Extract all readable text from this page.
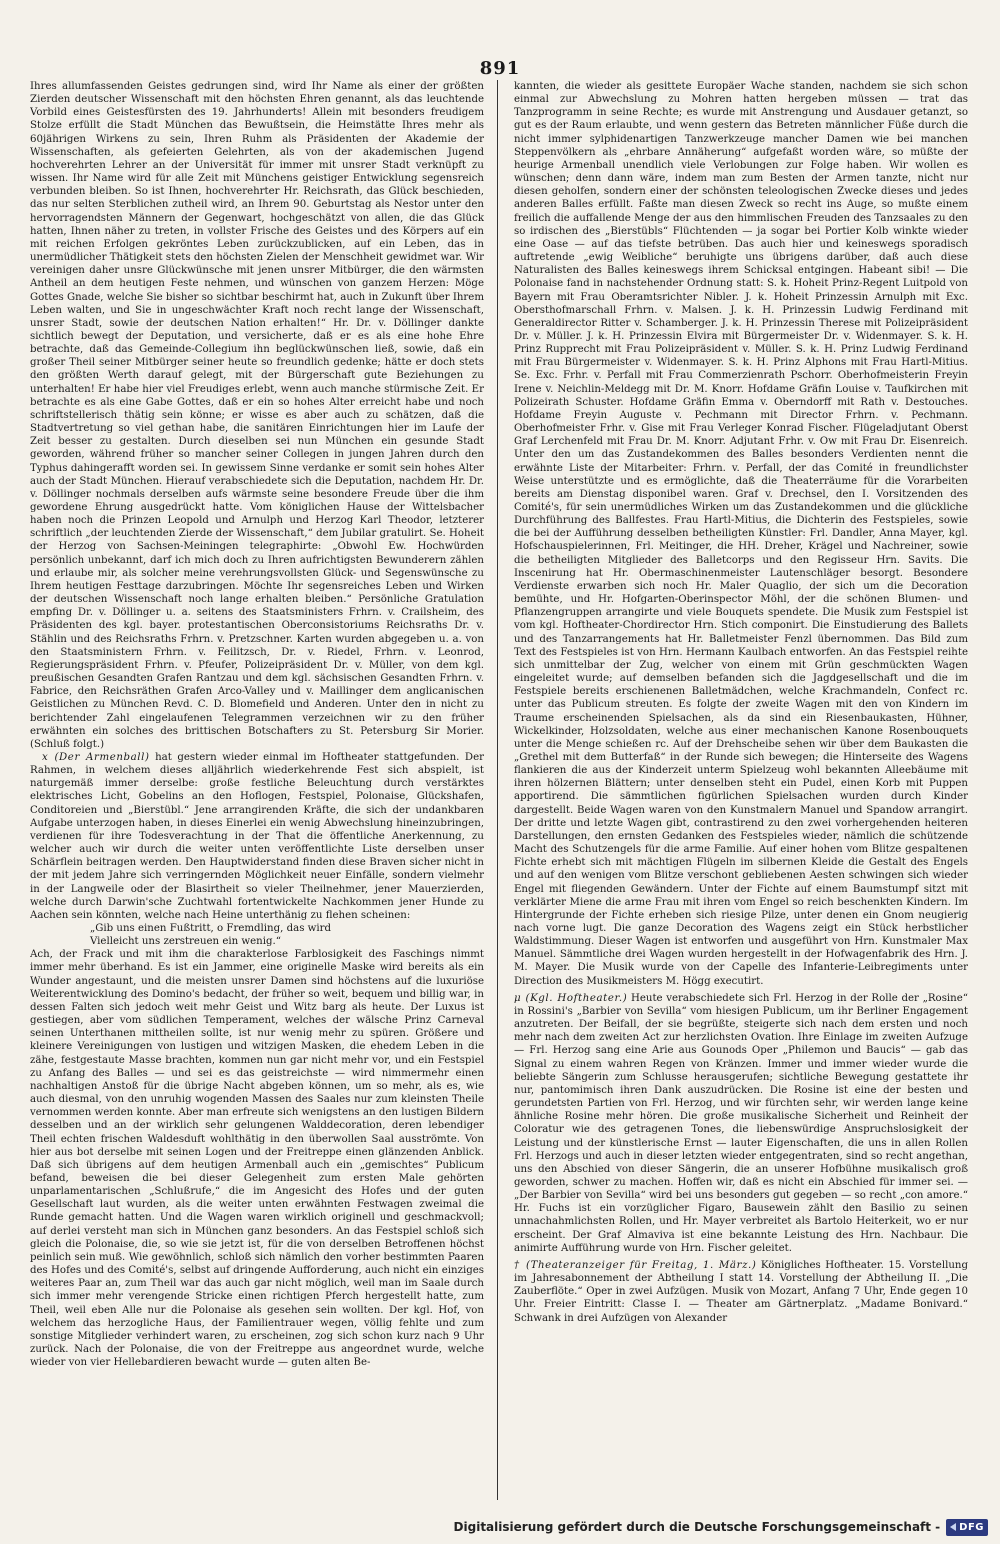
891

Ihres allumfassenden Geistes gedrungen sind, wird Ihr Name als einer der größten Zierden deutscher Wissenschaft mit den höchsten Ehren genannt, als das leuchtende Vorbild eines Geistesfürsten des 19. Jahrhunderts! Allein mit besonders freudigem Stolze erfüllt die Stadt München das Bewußtsein, die Heimstätte Ihres mehr als 60jährigen Wirkens zu sein, Ihren Ruhm als Präsidenten der Akademie der Wissenschaften, als gefeierten Gelehrten, als von der akademischen Jugend hochverehrten Lehrer an der Universität für immer mit unsrer Stadt verknüpft zu wissen. Ihr Name wird für alle Zeit mit Münchens geistiger Entwicklung segensreich verbunden bleiben. So ist Ihnen, hochverehrter Hr. Reichsrath, das Glück beschieden, das nur selten Sterblichen zutheil wird, an Ihrem 90. Geburtstag als Nestor unter den hervorragendsten Männern der Gegenwart, hochgeschätzt von allen, die das Glück hatten, Ihnen näher zu treten, in vollster Frische des Geistes und des Körpers auf ein mit reichen Erfolgen gekröntes Leben zurückzublicken, auf ein Leben, das in unermüdlicher Thätigkeit stets den höchsten Zielen der Menschheit gewidmet war. Wir vereinigen daher unsre Glückwünsche mit jenen unsrer Mitbürger, die den wärmsten Antheil an dem heutigen Feste nehmen, und wünschen von ganzem Herzen: Möge Gottes Gnade, welche Sie bisher so sichtbar beschirmt hat, auch in Zukunft über Ihrem Leben walten, und Sie in ungeschwächter Kraft noch recht lange der Wissenschaft, unsrer Stadt, sowie der deutschen Nation erhalten!“ Hr. Dr. v. Döllinger dankte sichtlich bewegt der Deputation, und versicherte, daß er es als eine hohe Ehre betrachte, daß das Gemeinde-Collegium ihn beglückwünschen ließ, sowie, daß ein großer Theil seiner Mitbürger seiner heute so freundlich gedenke; hätte er doch stets den größten Werth darauf gelegt, mit der Bürgerschaft gute Beziehungen zu unterhalten! Er habe hier viel Freudiges erlebt, wenn auch manche stürmische Zeit. Er betrachte es als eine Gabe Gottes, daß er ein so hohes Alter erreicht habe und noch schriftstellerisch thätig sein könne; er wisse es aber auch zu schätzen, daß die Stadtvertretung so viel gethan habe, die sanitären Einrichtungen hier im Laufe der Zeit besser zu gestalten. Durch dieselben sei nun München ein gesunde Stadt geworden, während früher so mancher seiner Collegen in jungen Jahren durch den Typhus dahingerafft worden sei. In gewissem Sinne verdanke er somit sein hohes Alter auch der Stadt München. Hierauf verabschiedete sich die Deputation, nachdem Hr. Dr. v. Döllinger nochmals derselben aufs wärmste seine besondere Freude über die ihm gewordene Ehrung ausgedrückt hatte. Vom königlichen Hause der Wittelsbacher haben noch die Prinzen Leopold und Arnulph und Herzog Karl Theodor, letzterer schriftlich „der leuchtenden Zierde der Wissenschaft,“ dem Jubilar gratulirt. Se. Hoheit der Herzog von Sachsen-Meiningen telegraphirte: „Obwohl Ew. Hochwürden persönlich unbekannt, darf ich mich doch zu Ihren aufrichtigsten Bewunderern zählen und erlaube mir, als solcher meine verehrungsvollsten Glück- und Segenswünsche zu Ihrem heutigen Festtage darzubringen. Möchte Ihr segensreiches Leben und Wirken der deutschen Wissenschaft noch lange erhalten bleiben.“ Persönliche Gratulation empfing Dr. v. Döllinger u. a. seitens des Staatsministers Frhrn. v. Crailsheim, des Präsidenten des kgl. bayer. protestantischen Oberconsistoriums Reichsraths Dr. v. Stählin und des Reichsraths Frhrn. v. Pretzschner. Karten wurden abgegeben u. a. von den Staatsministern Frhrn. v. Feilitzsch, Dr. v. Riedel, Frhrn. v. Leonrod, Regierungspräsident Frhrn. v. Pfeufer, Polizeipräsident Dr. v. Müller, von dem kgl. preußischen Gesandten Grafen Rantzau und dem kgl. sächsischen Gesandten Frhrn. v. Fabrice, den Reichsräthen Grafen Arco-Valley und v. Maillinger dem anglicanischen Geistlichen zu München Revd. C. D. Blomefield und Anderen. Unter den in nicht zu berichtender Zahl eingelaufenen Telegrammen verzeichnen wir zu den früher erwähnten ein solches des brittischen Botschafters zu St. Petersburg Sir Morier. (Schluß folgt.)

x (Der Armenball) hat gestern wieder einmal im Hoftheater stattgefunden. Der Rahmen, in welchem dieses alljährlich wiederkehrende Fest sich abspielt, ist naturgemäß immer derselbe: große festliche Beleuchtung durch verstärktes elektrisches Licht, Gobelins an den Hoflogen, Festspiel, Polonaise, Glückshafen, Conditoreien und „Bierstübl.“ Jene arrangirenden Kräfte, die sich der undankbaren Aufgabe unterzogen haben, in dieses Einerlei ein wenig Abwechslung hineinzubringen, verdienen für ihre Todesverachtung in der That die öffentliche Anerkennung, zu welcher auch wir durch die weiter unten veröffentlichte Liste derselben unser Schärflein beitragen werden. Den Hauptwiderstand finden diese Braven sicher nicht in der mit jedem Jahre sich verringernden Möglichkeit neuer Einfälle, sondern vielmehr in der Langweile oder der Blasirtheit so vieler Theilnehmer, jener Mauerzierden, welche durch Darwin'sche Zuchtwahl fortentwickelte Nachkommen jener Hunde zu Aachen sein könnten, welche nach Heine unterthänig zu flehen scheinen:

„Gib uns einen Fußtritt, o Fremdling, das wird
Vielleicht uns zerstreuen ein wenig.“

Ach, der Frack und mit ihm die charakterlose Farblosigkeit des Faschings nimmt immer mehr überhand. Es ist ein Jammer, eine originelle Maske wird bereits als ein Wunder angestaunt, und die meisten unsrer Damen sind höchstens auf die luxuriöse Weiterentwicklung des Domino's bedacht, der früher so weit, bequem und billig war, in dessen Falten sich jedoch weit mehr Geist und Witz barg als heute. Der Luxus ist gestiegen, aber vom südlichen Temperament, welches der wälsche Prinz Carneval seinen Unterthanen mittheilen sollte, ist nur wenig mehr zu spüren. Größere und kleinere Vereinigungen von lustigen und witzigen Masken, die ehedem Leben in die zähe, festgestaute Masse brachten, kommen nun gar nicht mehr vor, und ein Festspiel zu Anfang des Balles — und sei es das geistreichste — wird nimmermehr einen nachhaltigen Anstoß für die übrige Nacht abgeben können, um so mehr, als es, wie auch diesmal, von den unruhig wogenden Massen des Saales nur zum kleinsten Theile vernommen werden konnte. Aber man erfreute sich wenigstens an den lustigen Bildern desselben und an der wirklich sehr gelungenen Walddecoration, deren lebendiger Theil echten frischen Waldesduft wohlthätig in den überwollen Saal ausströmte. Von hier aus bot derselbe mit seinen Logen und der Freitreppe einen glänzenden Anblick. Daß sich übrigens auf dem heutigen Armenball auch ein „gemischtes“ Publicum befand, beweisen die bei dieser Gelegenheit zum ersten Male gehörten unparlamentarischen „Schlußrufe,“ die im Angesicht des Hofes und der guten Gesellschaft laut wurden, als die weiter unten erwähnten Festwagen zweimal die Runde gemacht hatten. Und die Wagen waren wirklich originell und geschmackvoll; auf derlei versteht man sich in München ganz besonders. An das Festspiel schloß sich gleich die Polonaise, die, so wie sie jetzt ist, für die von derselben Betroffenen höchst peinlich sein muß. Wie gewöhnlich, schloß sich nämlich den vorher bestimmten Paaren des Hofes und des Comité's, selbst auf dringende Aufforderung, auch nicht ein einziges weiteres Paar an, zum Theil war das auch gar nicht möglich, weil man im Saale durch sich immer mehr verengende Stricke einen richtigen Pferch hergestellt hatte, zum Theil, weil eben Alle nur die Polonaise als gesehen sein wollten. Der kgl. Hof, von welchem das herzogliche Haus, der Familientrauer wegen, völlig fehlte und zum sonstige Mitglieder verhindert waren, zu erscheinen, zog sich schon kurz nach 9 Uhr zurück. Nach der Polonaise, die von der Freitreppe aus angeordnet wurde, welche wieder von vier Hellebardieren bewacht wurde — guten alten Be-

kannten, die wieder als gesittete Europäer Wache standen, nachdem sie sich schon einmal zur Abwechslung zu Mohren hatten hergeben müssen — trat das Tanzprogramm in seine Rechte; es wurde mit Anstrengung und Ausdauer getanzt, so gut es der Raum erlaubte, und wenn gestern das Betreten männlicher Füße durch die nicht immer sylphidenartigen Tanzwerkzeuge mancher Damen wie bei manchen Steppenvölkern als „ehrbare Annäherung“ aufgefaßt worden wäre, so müßte der heurige Armenball unendlich viele Verlobungen zur Folge haben. Wir wollen es wünschen; denn dann wäre, indem man zum Besten der Armen tanzte, nicht nur diesen geholfen, sondern einer der schönsten teleologischen Zwecke dieses und jedes anderen Balles erfüllt. Faßte man diesen Zweck so recht ins Auge, so mußte einem freilich die auffallende Menge der aus den himmlischen Freuden des Tanzsaales zu den so irdischen des „Bierstübls“ Flüchtenden — ja sogar bei Portier Kolb winkte wieder eine Oase — auf das tiefste betrüben. Das auch hier und keineswegs sporadisch auftretende „ewig Weibliche“ beruhigte uns übrigens darüber, daß auch diese Naturalisten des Balles keineswegs ihrem Schicksal entgingen. Habeant sibi! — Die Polonaise fand in nachstehender Ordnung statt: S. k. Hoheit Prinz-Regent Luitpold von Bayern mit Frau Oberamtsrichter Nibler. J. k. Hoheit Prinzessin Arnulph mit Exc. Obersthofmarschall Frhrn. v. Malsen. J. k. H. Prinzessin Ludwig Ferdinand mit Generaldirector Ritter v. Schamberger. J. k. H. Prinzessin Therese mit Polizeipräsident Dr. v. Müller. J. k. H. Prinzessin Elvira mit Bürgermeister Dr. v. Widenmayer. S. k. H. Prinz Rupprecht mit Frau Polizeipräsident v. Müller. S. k. H. Prinz Ludwig Ferdinand mit Frau Bürgermeister v. Widenmayer. S. k. H. Prinz Alphons mit Frau Hartl-Mitius. Se. Exc. Frhr. v. Perfall mit Frau Commerzienrath Pschorr. Oberhofmeisterin Freyin Irene v. Neichlin-Meldegg mit Dr. M. Knorr. Hofdame Gräfin Louise v. Taufkirchen mit Polizeirath Schuster. Hofdame Gräfin Emma v. Oberndorff mit Rath v. Destouches. Hofdame Freyin Auguste v. Pechmann mit Director Frhrn. v. Pechmann. Oberhofmeister Frhr. v. Gise mit Frau Verleger Konrad Fischer. Flügeladjutant Oberst Graf Lerchenfeld mit Frau Dr. M. Knorr. Adjutant Frhr. v. Ow mit Frau Dr. Eisenreich. Unter den um das Zustandekommen des Balles besonders Verdienten nennt die erwähnte Liste der Mitarbeiter: Frhrn. v. Perfall, der das Comité in freundlichster Weise unterstützte und es ermöglichte, daß die Theaterräume für die Vorarbeiten bereits am Dienstag disponibel waren. Graf v. Drechsel, den I. Vorsitzenden des Comité's, für sein unermüdliches Wirken um das Zustandekommen und die glückliche Durchführung des Ballfestes. Frau Hartl-Mitius, die Dichterin des Festspieles, sowie die bei der Aufführung desselben betheiligten Künstler: Frl. Dandler, Anna Mayer, kgl. Hofschauspielerinnen, Frl. Meitinger, die HH. Dreher, Krägel und Nachreiner, sowie die betheiligten Mitglieder des Balletcorps und den Regisseur Hrn. Savits. Die Inscenirung hat Hr. Obermaschinenmeister Lautenschläger besorgt. Besondere Verdienste erwarben sich noch Hr. Maler Quaglio, der sich um die Decoration bemühte, und Hr. Hofgarten-Oberinspector Möhl, der die schönen Blumen- und Pflanzengruppen arrangirte und viele Bouquets spendete. Die Musik zum Festspiel ist vom kgl. Hoftheater-Chordirector Hrn. Stich componirt. Die Einstudierung des Ballets und des Tanzarrangements hat Hr. Balletmeister Fenzl übernommen. Das Bild zum Text des Festspieles ist von Hrn. Hermann Kaulbach entworfen. An das Festspiel reihte sich unmittelbar der Zug, welcher von einem mit Grün geschmückten Wagen eingeleitet wurde; auf demselben befanden sich die Jagdgesellschaft und die im Festspiele bereits erschienenen Balletmädchen, welche Krachmandeln, Confect rc. unter das Publicum streuten. Es folgte der zweite Wagen mit den von Kindern im Traume erscheinenden Spielsachen, als da sind ein Riesenbaukasten, Hühner, Wickelkinder, Holzsoldaten, welche aus einer mechanischen Kanone Rosenbouquets unter die Menge schießen rc. Auf der Drehscheibe sehen wir über dem Baukasten die „Grethel mit dem Butterfaß“ in der Runde sich bewegen; die Hinterseite des Wagens flankieren die aus der Kinderzeit unterm Spielzeug wohl bekannten Alleebäume mit ihren hölzernen Blättern; unter denselben steht ein Pudel, einen Korb mit Puppen apportirend. Die sämmtlichen figürlichen Spielsachen wurden durch Kinder dargestellt. Beide Wagen waren von den Kunstmalern Manuel und Spandow arrangirt. Der dritte und letzte Wagen gibt, contrastirend zu den zwei vorhergehenden heiteren Darstellungen, den ernsten Gedanken des Festspieles wieder, nämlich die schützende Macht des Schutzengels für die arme Familie. Auf einer hohen vom Blitze gespaltenen Fichte erhebt sich mit mächtigen Flügeln im silbernen Kleide die Gestalt des Engels und auf den wenigen vom Blitze verschont gebliebenen Aesten schwingen sich wieder Engel mit fliegenden Gewändern. Unter der Fichte auf einem Baumstumpf sitzt mit verklärter Miene die arme Frau mit ihren vom Engel so reich beschenkten Kindern. Im Hintergrunde der Fichte erheben sich riesige Pilze, unter denen ein Gnom neugierig nach vorne lugt. Die ganze Decoration des Wagens zeigt ein Stück herbstlicher Waldstimmung. Dieser Wagen ist entworfen und ausgeführt von Hrn. Kunstmaler Max Manuel. Sämmtliche drei Wagen wurden hergestellt in der Hofwagenfabrik des Hrn. J. M. Mayer. Die Musik wurde von der Capelle des Infanterie-Leibregiments unter Direction des Musikmeisters M. Högg executirt.

μ (Kgl. Hoftheater.) Heute verabschiedete sich Frl. Herzog in der Rolle der „Rosine“ in Rossini's „Barbier von Sevilla“ vom hiesigen Publicum, um ihr Berliner Engagement anzutreten. Der Beifall, der sie begrüßte, steigerte sich nach dem ersten und noch mehr nach dem zweiten Act zur herzlichsten Ovation. Ihre Einlage im zweiten Aufzuge — Frl. Herzog sang eine Arie aus Gounods Oper „Philemon und Baucis“ — gab das Signal zu einem wahren Regen von Kränzen. Immer und immer wieder wurde die beliebte Sängerin zum Schlusse herausgerufen; sichtliche Bewegung gestattete ihr nur, pantomimisch ihren Dank auszudrücken. Die Rosine ist eine der besten und gerundetsten Partien von Frl. Herzog, und wir fürchten sehr, wir werden lange keine ähnliche Rosine mehr hören. Die große musikalische Sicherheit und Reinheit der Coloratur wie des getragenen Tones, die liebenswürdige Anspruchslosigkeit der Leistung und der künstlerische Ernst — lauter Eigenschaften, die uns in allen Rollen Frl. Herzogs und auch in dieser letzten wieder entgegentraten, sind so recht angethan, uns den Abschied von dieser Sängerin, die an unserer Hofbühne musikalisch groß geworden, schwer zu machen. Hoffen wir, daß es nicht ein Abschied für immer sei. — „Der Barbier von Sevilla“ wird bei uns besonders gut gegeben — so recht „con amore.“ Hr. Fuchs ist ein vorzüglicher Figaro, Bausewein zählt den Basilio zu seinen unnachahmlichsten Rollen, und Hr. Mayer verbreitet als Bartolo Heiterkeit, wo er nur erscheint. Der Graf Almaviva ist eine bekannte Leistung des Hrn. Nachbaur. Die animirte Aufführung wurde von Hrn. Fischer geleitet.

† (Theateranzeiger für Freitag, 1. März.) Königliches Hoftheater. 15. Vorstellung im Jahresabonnement der Abtheilung I statt 14. Vorstellung der Abtheilung II. „Die Zauberflöte.“ Oper in zwei Aufzügen. Musik von Mozart, Anfang 7 Uhr, Ende gegen 10 Uhr. Freier Eintritt: Classe I. — Theater am Gärtnerplatz. „Madame Bonivard.“ Schwank in drei Aufzügen von Alexander

Digitalisierung gefördert durch die Deutsche Forschungsgemeinschaft -	DFG
